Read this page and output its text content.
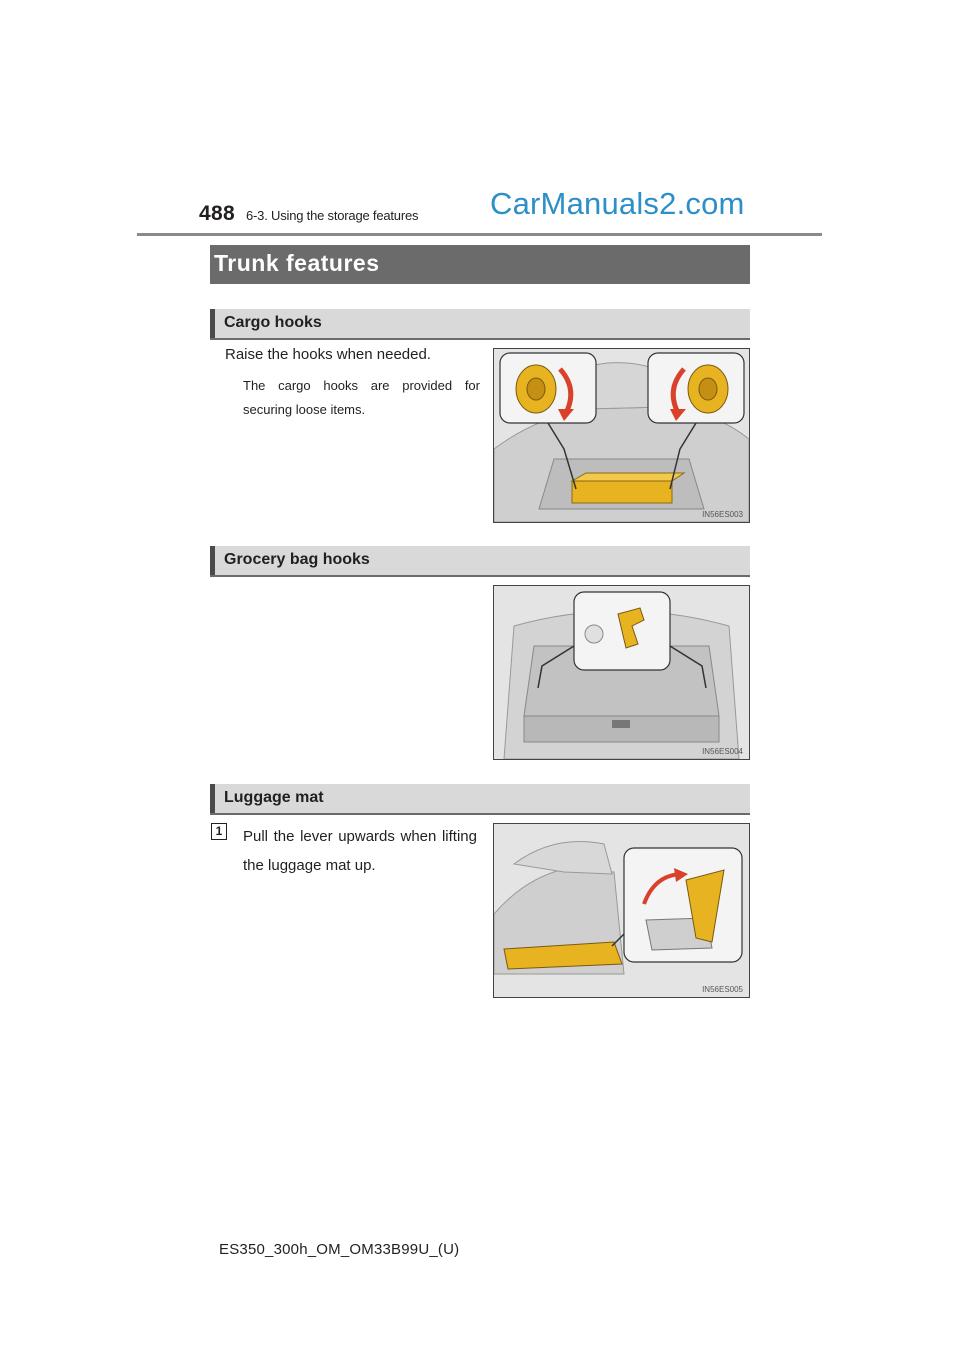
488 6-3. Using the storage features CarManuals2.com
Trunk features
Cargo hooks
Raise the hooks when needed.
The cargo hooks are provided for securing loose items.
IN56ES003
Grocery bag hooks
IN56ES004
Luggage mat
1	Pull the lever upwards when lifting the luggage mat up.
IN56ES005
ES350_300h_OM_OM33B99U_(U)
